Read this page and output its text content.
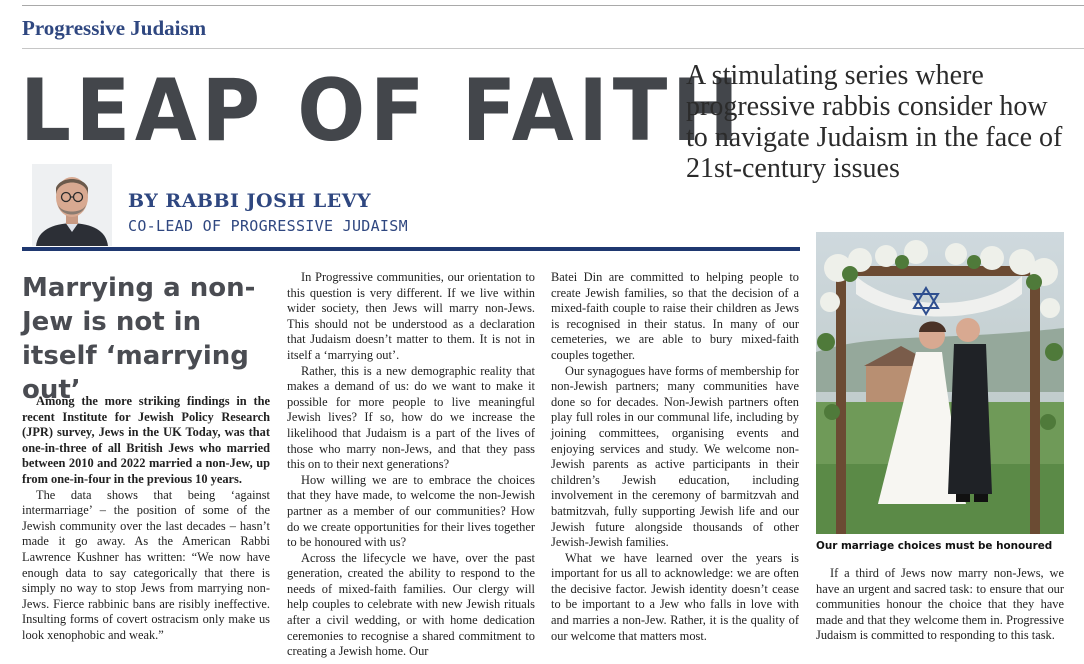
Progressive Judaism
LEAP OF FAITH
A stimulating series where progressive rabbis consider how to navigate Judaism in the face of 21st-century issues
BY RABBI JOSH LEVY
CO-LEAD OF PROGRESSIVE JUDAISM
Marrying a non-Jew is not in itself ‘marrying out’

Among the more striking findings in the recent Institute for Jewish Policy Research (JPR) survey, Jews in the UK Today, was that one-in-three of all British Jews who married between 2010 and 2022 married a non-Jew, up from one-in-four in the previous 10 years.

The data shows that being ‘against intermarriage’ – the position of some of the Jewish community over the last decades – hasn’t made it go away. As the American Rabbi Lawrence Kushner has written: “We now have enough data to say categorically that there is simply no way to stop Jews from marrying non-Jews. Fierce rabbinic bans are risibly ineffective. Insulting forms of covert ostracism only make us look xenophobic and weak.”

In Progressive communities, our orientation to this question is very different. If we live within wider society, then Jews will marry non-Jews. This should not be understood as a declaration that Judaism doesn’t matter to them. It is not in itself a ‘marrying out’.

Rather, this is a new demographic reality that makes a demand of us: do we want to make it possible for more people to live meaningful Jewish lives? If so, how do we increase the likelihood that Judaism is a part of the lives of those who marry non-Jews, and that they pass this on to their next generations?

How willing we are to embrace the choices that they have made, to welcome the non-Jewish partner as a member of our communities? How do we create opportunities for their lives together to be honoured with us?

Across the lifecycle we have, over the past generation, created the ability to respond to the needs of mixed-faith families. Our clergy will help couples to celebrate with new Jewish rituals after a civil wedding, or with home dedication ceremonies to recognise a shared commitment to creating a Jewish home. Our

Batei Din are committed to helping people to create Jewish families, so that the decision of a mixed-faith couple to raise their children as Jews is recognised in their status. In many of our cemeteries, we are able to bury mixed-faith couples together.

Our synagogues have forms of membership for non-Jewish partners; many communities have done so for decades. Non-Jewish partners often play full roles in our communal life, including by joining committees, organising events and enjoying services and study. We welcome non-Jewish parents as active participants in their children’s Jewish education, including involvement in the ceremony of barmitzvah and batmitzvah, fully supporting Jewish life and our Jewish future alongside thousands of other Jewish-Jewish families.

What we have learned over the years is important for us all to acknowledge: we are often the decisive factor. Jewish identity doesn’t cease to be important to a Jew who falls in love with and marries a non-Jew. Rather, it is the quality of our welcome that matters most.

Our marriage choices must be honoured

If a third of Jews now marry non-Jews, we have an urgent and sacred task: to ensure that our communities honour the choice that they have made and that they welcome them in. Progressive Judaism is committed to responding to this task.
